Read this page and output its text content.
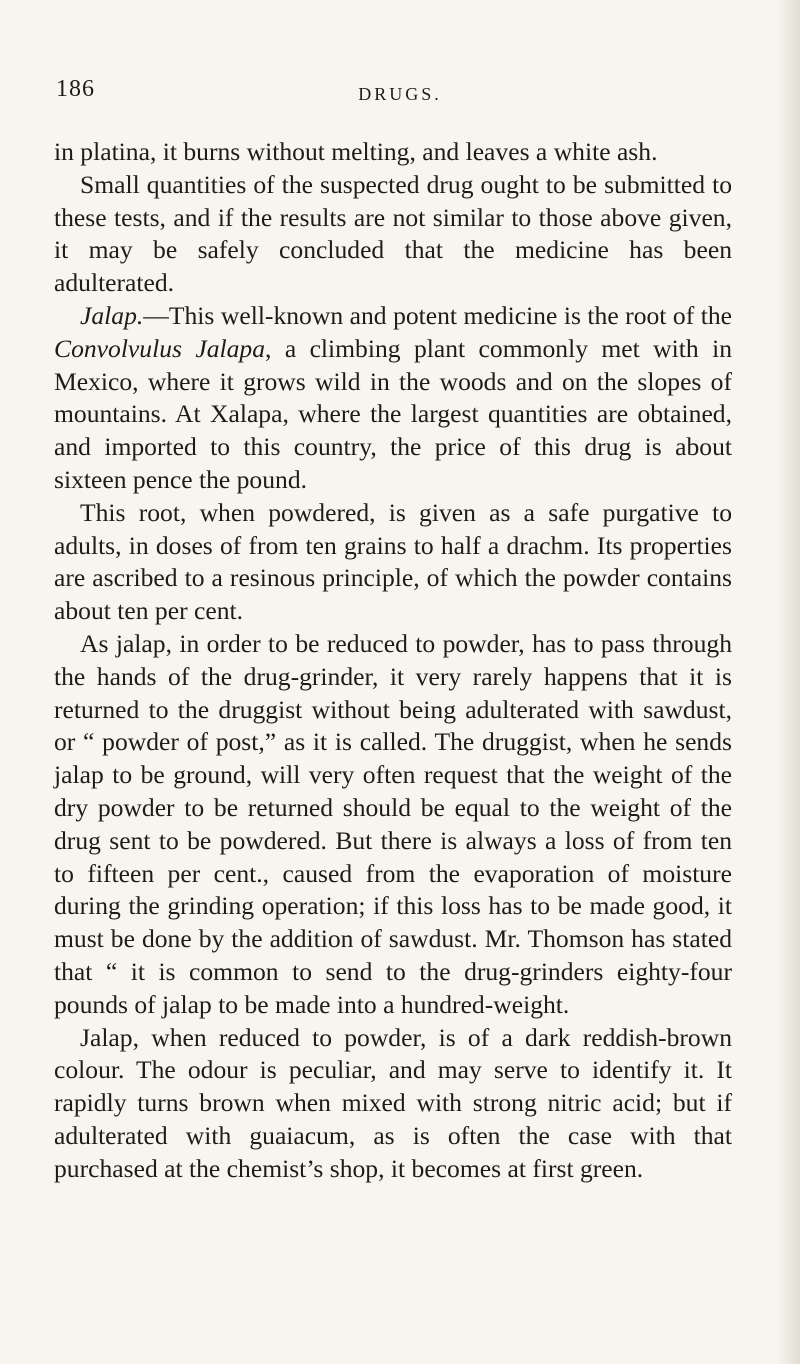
186	DRUGS.

in platina, it burns without melting, and leaves a white ash.

Small quantities of the suspected drug ought to be submitted to these tests, and if the results are not similar to those above given, it may be safely concluded that the medicine has been adulterated.

Jalap.—This well-known and potent medicine is the root of the Convolvulus Jalapa, a climbing plant commonly met with in Mexico, where it grows wild in the woods and on the slopes of mountains. At Xalapa, where the largest quantities are obtained, and imported to this country, the price of this drug is about sixteen pence the pound.

This root, when powdered, is given as a safe purgative to adults, in doses of from ten grains to half a drachm. Its properties are ascribed to a resinous principle, of which the powder contains about ten per cent.

As jalap, in order to be reduced to powder, has to pass through the hands of the drug-grinder, it very rarely happens that it is returned to the druggist without being adulterated with sawdust, or “ powder of post,” as it is called. The druggist, when he sends jalap to be ground, will very often request that the weight of the dry powder to be returned should be equal to the weight of the drug sent to be powdered. But there is always a loss of from ten to fifteen per cent., caused from the evaporation of moisture during the grinding operation; if this loss has to be made good, it must be done by the addition of sawdust. Mr. Thomson has stated that “ it is common to send to the drug-grinders eighty-four pounds of jalap to be made into a hundred-weight.

Jalap, when reduced to powder, is of a dark reddish-brown colour. The odour is peculiar, and may serve to identify it. It rapidly turns brown when mixed with strong nitric acid; but if adulterated with guaiacum, as is often the case with that purchased at the chemist’s shop, it becomes at first green.
